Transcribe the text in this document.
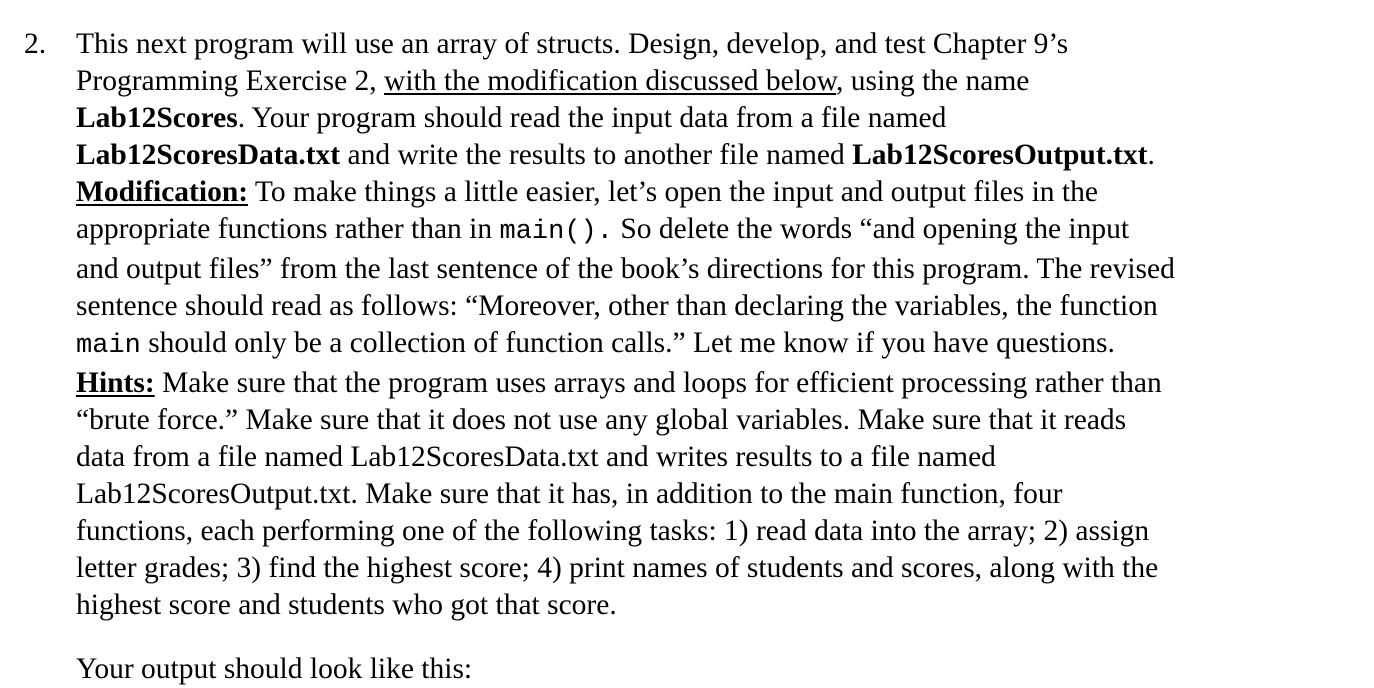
2. This next program will use an array of structs. Design, develop, and test Chapter 9’s
Programming Exercise 2, with the modification discussed below, using the name
Lab12Scores. Your program should read the input data from a file named
Lab12ScoresData.txt and write the results to another file named Lab12ScoresOutput.txt.
Modification: To make things a little easier, let’s open the input and output files in the
appropriate functions rather than in main(). So delete the words “and opening the input
and output files” from the last sentence of the book’s directions for this program. The revised
sentence should read as follows: “Moreover, other than declaring the variables, the function
main should only be a collection of function calls.” Let me know if you have questions.
Hints: Make sure that the program uses arrays and loops for efficient processing rather than
“brute force.” Make sure that it does not use any global variables. Make sure that it reads
data from a file named Lab12ScoresData.txt and writes results to a file named
Lab12ScoresOutput.txt. Make sure that it has, in addition to the main function, four
functions, each performing one of the following tasks: 1) read data into the array; 2) assign
letter grades; 3) find the highest score; 4) print names of students and scores, along with the
highest score and students who got that score.
Your output should look like this:
